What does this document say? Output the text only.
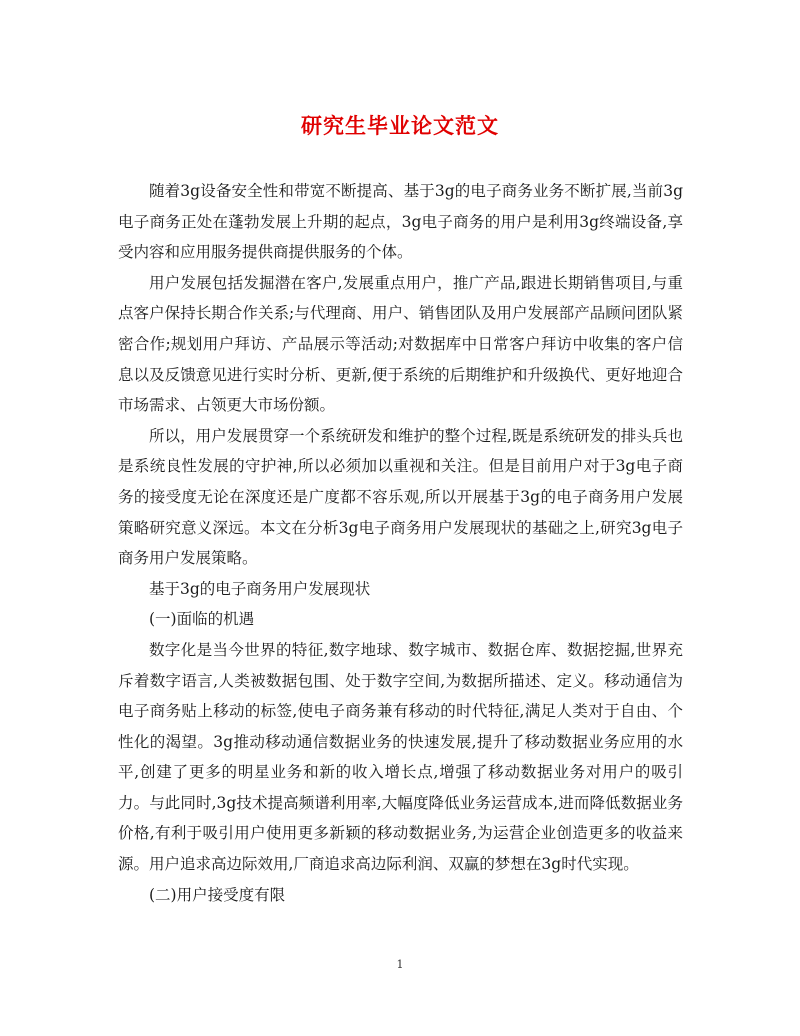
研究生毕业论文范文

随着3g设备安全性和带宽不断提高、基于3g的电子商务业务不断扩展,当前3g电子商务正处在蓬勃发展上升期的起点，3g电子商务的用户是利用3g终端设备,享受内容和应用服务提供商提供服务的个体。

用户发展包括发掘潜在客户,发展重点用户，推广产品,跟进长期销售项目,与重点客户保持长期合作关系;与代理商、用户、销售团队及用户发展部产品顾问团队紧密合作;规划用户拜访、产品展示等活动;对数据库中日常客户拜访中收集的客户信息以及反馈意见进行实时分析、更新,便于系统的后期维护和升级换代、更好地迎合市场需求、占领更大市场份额。

所以，用户发展贯穿一个系统研发和维护的整个过程,既是系统研发的排头兵也是系统良性发展的守护神,所以必须加以重视和关注。但是目前用户对于3g电子商务的接受度无论在深度还是广度都不容乐观,所以开展基于3g的电子商务用户发展策略研究意义深远。本文在分析3g电子商务用户发展现状的基础之上,研究3g电子商务用户发展策略。

基于3g的电子商务用户发展现状

(一)面临的机遇

数字化是当今世界的特征,数字地球、数字城市、数据仓库、数据挖掘,世界充斥着数字语言,人类被数据包围、处于数字空间,为数据所描述、定义。移动通信为电子商务贴上移动的标签,使电子商务兼有移动的时代特征,满足人类对于自由、个性化的渴望。3g推动移动通信数据业务的快速发展,提升了移动数据业务应用的水平,创建了更多的明星业务和新的收入增长点,增强了移动数据业务对用户的吸引力。与此同时,3g技术提高频谱利用率,大幅度降低业务运营成本,进而降低数据业务价格,有利于吸引用户使用更多新颖的移动数据业务,为运营企业创造更多的收益来源。用户追求高边际效用,厂商追求高边际利润、双赢的梦想在3g时代实现。

(二)用户接受度有限

1
